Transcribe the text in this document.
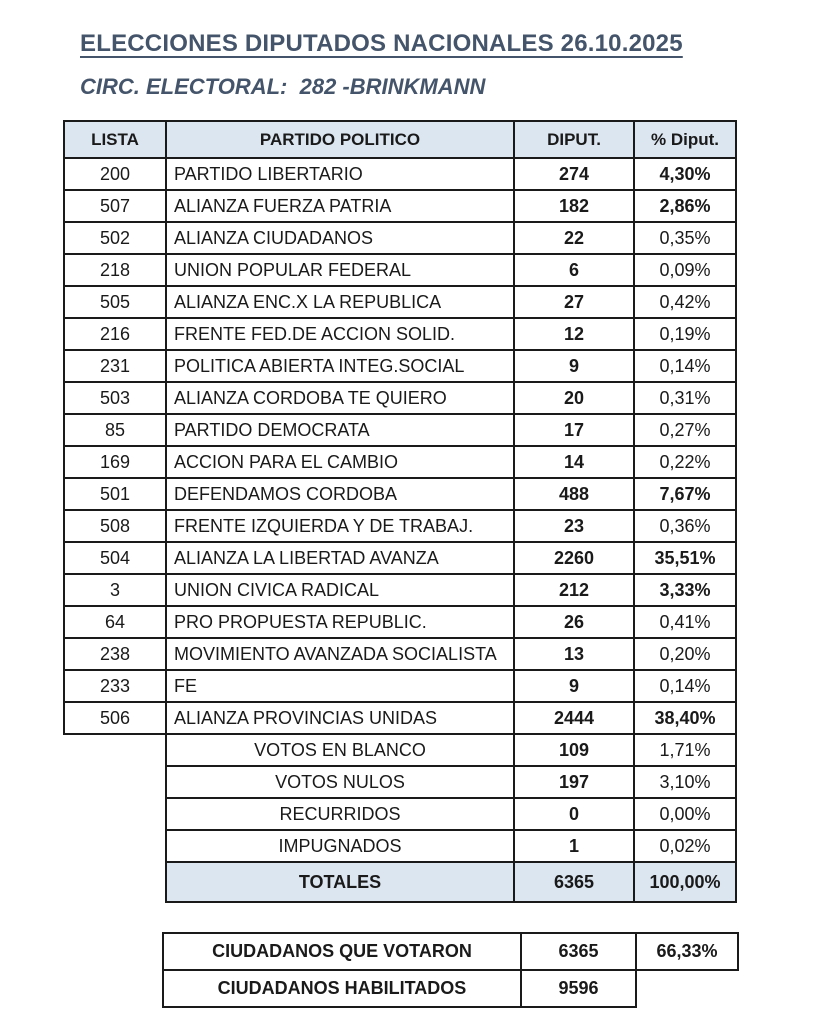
ELECCIONES DIPUTADOS NACIONALES 26.10.2025
CIRC. ELECTORAL:  282 -BRINKMANN
LISTA	PARTIDO POLITICO	DIPUT.	% Diput.
200	PARTIDO LIBERTARIO	274	4,30%
507	ALIANZA FUERZA PATRIA	182	2,86%
502	ALIANZA CIUDADANOS	22	0,35%
218	UNION POPULAR FEDERAL	6	0,09%
505	ALIANZA ENC.X LA REPUBLICA	27	0,42%
216	FRENTE FED.DE ACCION SOLID.	12	0,19%
231	POLITICA ABIERTA INTEG.SOCIAL	9	0,14%
503	ALIANZA CORDOBA TE QUIERO	20	0,31%
85	PARTIDO DEMOCRATA	17	0,27%
169	ACCION PARA EL CAMBIO	14	0,22%
501	DEFENDAMOS CORDOBA	488	7,67%
508	FRENTE IZQUIERDA Y DE TRABAJ.	23	0,36%
504	ALIANZA LA LIBERTAD AVANZA	2260	35,51%
3	UNION CIVICA RADICAL	212	3,33%
64	PRO PROPUESTA REPUBLIC.	26	0,41%
238	MOVIMIENTO AVANZADA SOCIALISTA	13	0,20%
233	FE	9	0,14%
506	ALIANZA PROVINCIAS UNIDAS	2444	38,40%
	VOTOS EN BLANCO	109	1,71%
	VOTOS NULOS	197	3,10%
	RECURRIDOS	0	0,00%
	IMPUGNADOS	1	0,02%
	TOTALES	6365	100,00%
CIUDADANOS QUE VOTARON	6365	66,33%
CIUDADANOS HABILITADOS	9596	
